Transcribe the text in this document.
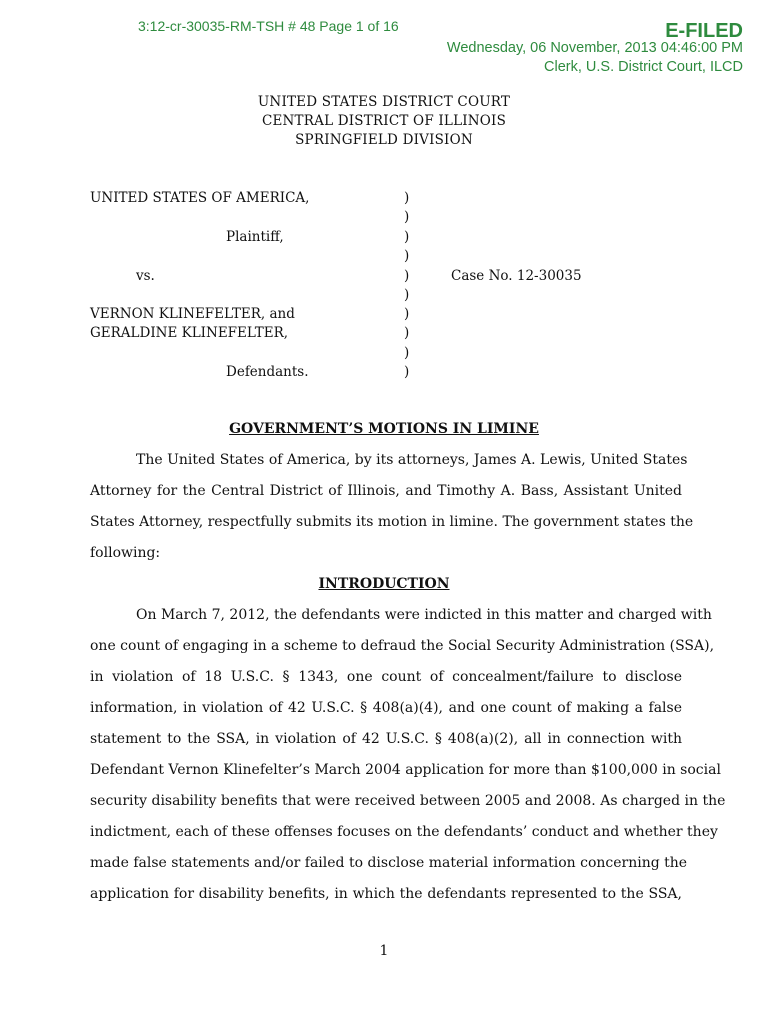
3:12-cr-30035-RM-TSH # 48 Page 1 of 16	E-FILED
Wednesday, 06 November, 2013 04:46:00 PM
Clerk, U.S. District Court, ILCD
UNITED STATES DISTRICT COURT
CENTRAL DISTRICT OF ILLINOIS
SPRINGFIELD DIVISION
UNITED STATES OF AMERICA,
Plaintiff,
vs.
VERNON KLINEFELTER, and
GERALDINE KLINEFELTER,
Defendants.
Case No. 12-30035
)
)
)
)
)
)
)
)
)
)
GOVERNMENT’S MOTIONS IN LIMINE
The United States of America, by its attorneys, James A. Lewis, United States
Attorney for the Central District of Illinois, and Timothy A. Bass, Assistant United
States Attorney, respectfully submits its motion in limine. The government states the
following:
INTRODUCTION
On March 7, 2012, the defendants were indicted in this matter and charged with
one count of engaging in a scheme to defraud the Social Security Administration (SSA),
in violation of 18 U.S.C. § 1343, one count of concealment/failure to disclose
information, in violation of 42 U.S.C. § 408(a)(4), and one count of making a false
statement to the SSA, in violation of 42 U.S.C. § 408(a)(2), all in connection with
Defendant Vernon Klinefelter’s March 2004 application for more than $100,000 in social
security disability benefits that were received between 2005 and 2008. As charged in the
indictment, each of these offenses focuses on the defendants’ conduct and whether they
made false statements and/or failed to disclose material information concerning the
application for disability benefits, in which the defendants represented to the SSA,
1
